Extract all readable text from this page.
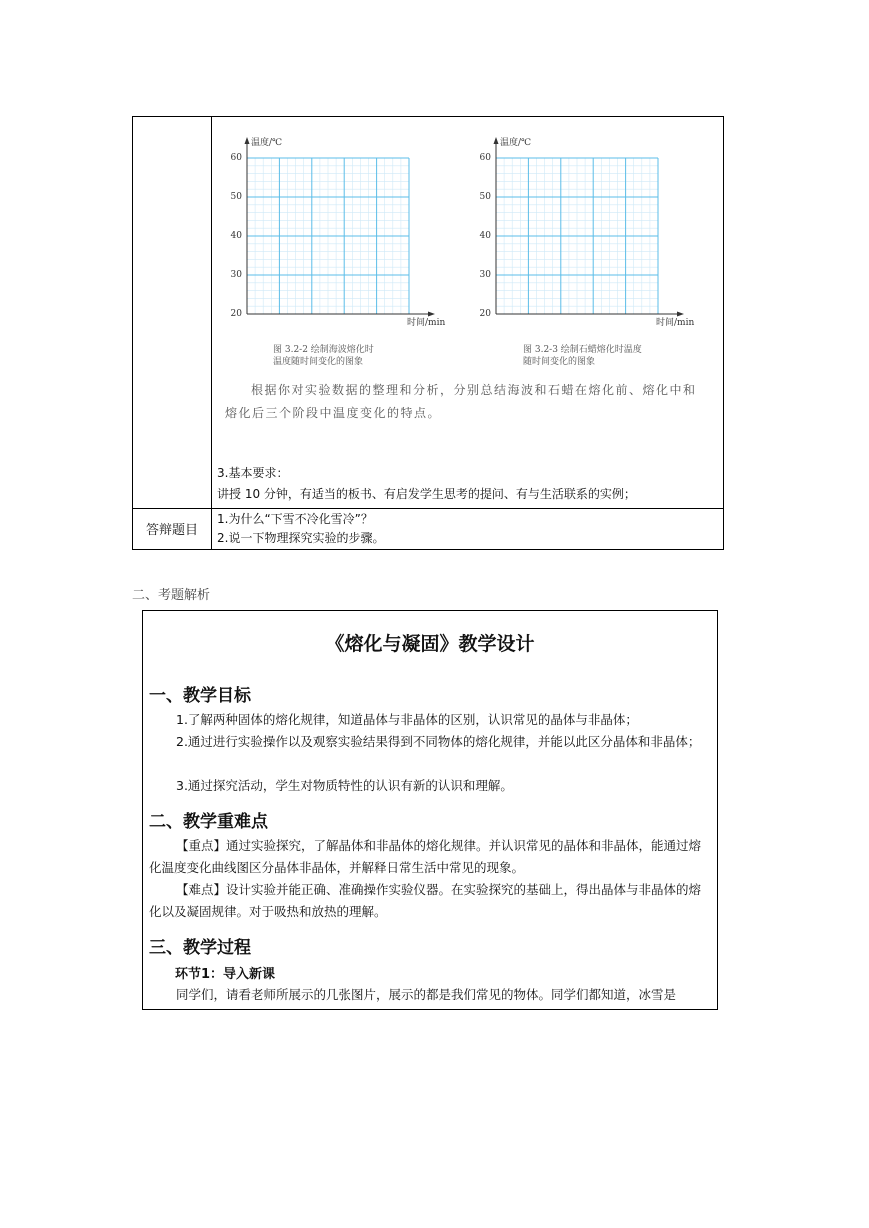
温度/℃
时间/min
60
50
40
30
20
图 3.2-2 绘制海波熔化时
温度随时间变化的图象
温度/℃
时间/min
60
50
40
30
20
图 3.2-3 绘制石蜡熔化时温度
随时间变化的图象
根据你对实验数据的整理和分析，分别总结海波和石蜡在熔化前、熔化中和熔化后三个阶段中温度变化的特点。
3.基本要求：
讲授 10 分钟，有适当的板书、有启发学生思考的提问、有与生活联系的实例；
答辩题目
1.为什么“下雪不冷化雪冷”？
2.说一下物理探究实验的步骤。
二、考题解析
《熔化与凝固》教学设计
一、教学目标
1.了解两种固体的熔化规律，知道晶体与非晶体的区别，认识常见的晶体与非晶体；
2.通过进行实验操作以及观察实验结果得到不同物体的熔化规律，并能以此区分晶体和非晶体；
3.通过探究活动，学生对物质特性的认识有新的认识和理解。
二、教学重难点
【重点】通过实验探究，了解晶体和非晶体的熔化规律。并认识常见的晶体和非晶体，能通过熔化温度变化曲线图区分晶体非晶体，并解释日常生活中常见的现象。
【难点】设计实验并能正确、准确操作实验仪器。在实验探究的基础上，得出晶体与非晶体的熔化以及凝固规律。对于吸热和放热的理解。
三、教学过程
环节1：导入新课
同学们，请看老师所展示的几张图片，展示的都是我们常见的物体。同学们都知道，冰雪是
